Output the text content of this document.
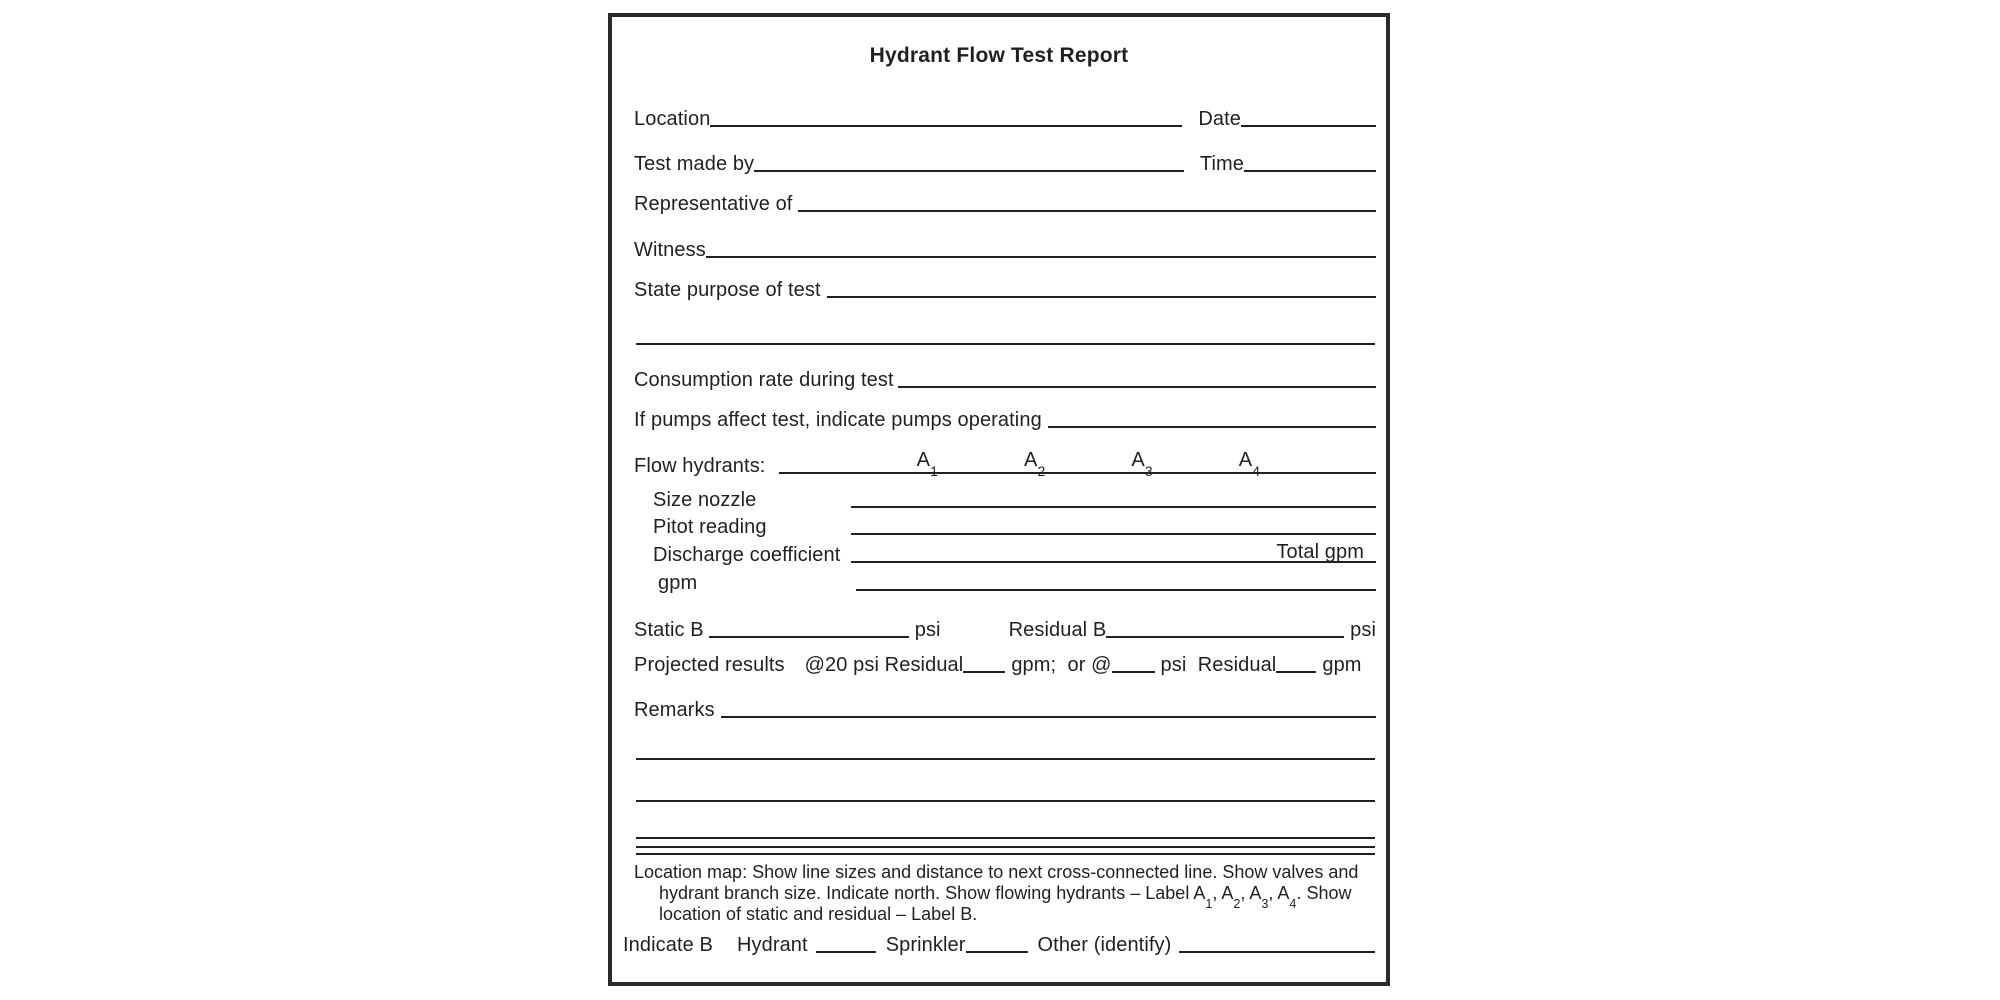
Hydrant Flow Test Report
Location	Date
Test made by	Time
Representative of
Witness
State purpose of test
Consumption rate during test
If pumps affect test, indicate pumps operating
Flow hydrants:	$A_1$	$A_2$	$A_3$	$A_4$
Size nozzle
Pitot reading
Discharge coefficient	Total gpm
gpm
Static B	psi	Residual B	psi
Projected results @20 psi Residual	gpm;  or @	psi  Residual	gpm
Remarks
Location map: Show line sizes and distance to next cross-connected line. Show valves and
hydrant branch size. Indicate north. Show flowing hydrants – Label $A_1$, $A_2$, $A_3$, $A_4$. Show
location of static and residual – Label B.
Indicate B Hydrant	Sprinkler	Other (identify)
